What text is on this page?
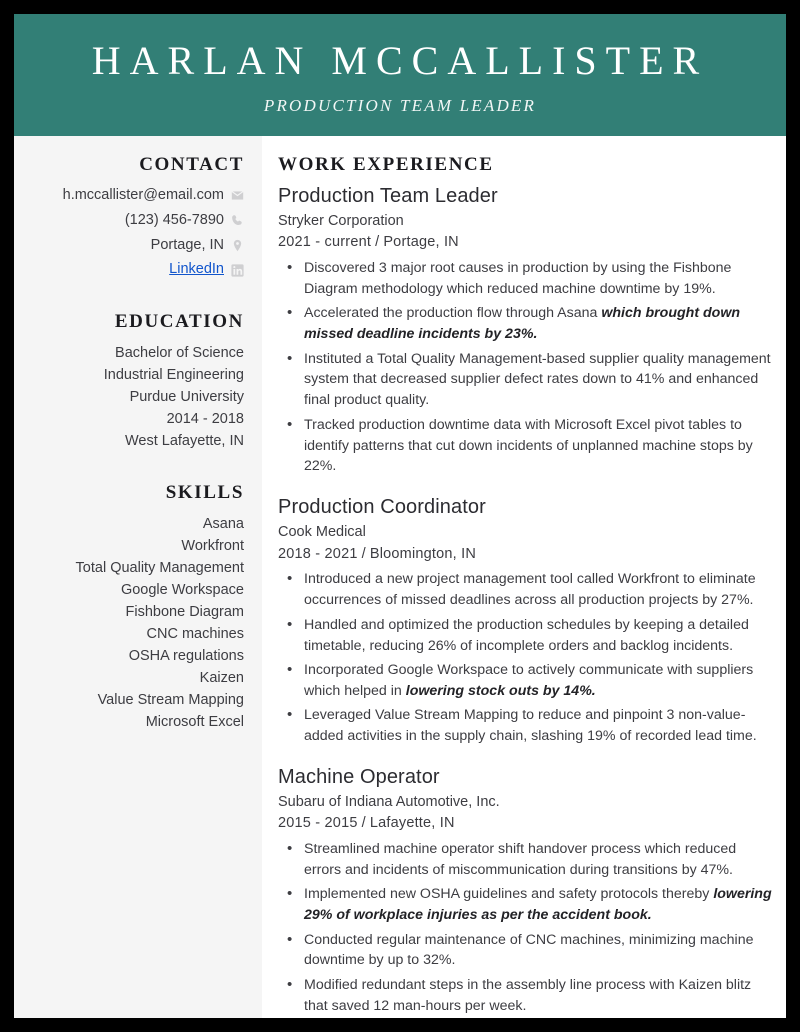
HARLAN MCCALLISTER
PRODUCTION TEAM LEADER
CONTACT
h.mccallister@email.com
(123) 456-7890
Portage, IN
LinkedIn
EDUCATION
Bachelor of Science
Industrial Engineering
Purdue University
2014 - 2018
West Lafayette, IN
SKILLS
Asana
Workfront
Total Quality Management
Google Workspace
Fishbone Diagram
CNC machines
OSHA regulations
Kaizen
Value Stream Mapping
Microsoft Excel
WORK EXPERIENCE
Production Team Leader
Stryker Corporation
2021 - current / Portage, IN
• Discovered 3 major root causes in production by using the Fishbone Diagram methodology which reduced machine downtime by 19%.
• Accelerated the production flow through Asana which brought down missed deadline incidents by 23%.
• Instituted a Total Quality Management-based supplier quality management system that decreased supplier defect rates down to 41% and enhanced final product quality.
• Tracked production downtime data with Microsoft Excel pivot tables to identify patterns that cut down incidents of unplanned machine stops by 22%.
Production Coordinator
Cook Medical
2018 - 2021 / Bloomington, IN
• Introduced a new project management tool called Workfront to eliminate occurrences of missed deadlines across all production projects by 27%.
• Handled and optimized the production schedules by keeping a detailed timetable, reducing 26% of incomplete orders and backlog incidents.
• Incorporated Google Workspace to actively communicate with suppliers which helped in lowering stock outs by 14%.
• Leveraged Value Stream Mapping to reduce and pinpoint 3 non-value-added activities in the supply chain, slashing 19% of recorded lead time.
Machine Operator
Subaru of Indiana Automotive, Inc.
2015 - 2015 / Lafayette, IN
• Streamlined machine operator shift handover process which reduced errors and incidents of miscommunication during transitions by 47%.
• Implemented new OSHA guidelines and safety protocols thereby lowering 29% of workplace injuries as per the accident book.
• Conducted regular maintenance of CNC machines, minimizing machine downtime by up to 32%.
• Modified redundant steps in the assembly line process with Kaizen blitz that saved 12 man-hours per week.
